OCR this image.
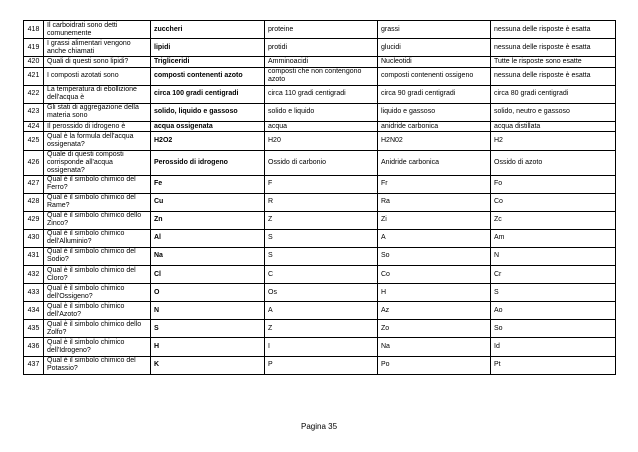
418	Il carboidrati sono detti comunemente	zuccheri	proteine	grassi	nessuna delle risposte è esatta
419	I grassi alimentari vengono anche chiamati	lipidi	protidi	glucidi	nessuna delle risposte è esatta
420	Quali di questi sono lipidi?	Trigliceridi	Amminoacidi	Nucleotidi	Tutte le risposte sono esatte
421	I composti azotati sono	composti contenenti azoto	composti che non contengono azoto	composti contenenti ossigeno	nessuna delle risposte è esatta
422	La temperatura di ebollizione dell'acqua è	circa 100 gradi centigradi	circa 110 gradi centigradi	circa 90 gradi centigradi	circa 80 gradi centigradi
423	Gli stati di aggregazione della materia sono	solido, liquido e gassoso	solido e liquido	liquido e gassoso	solido, neutro e gassoso
424	Il perossido di idrogeno è	acqua ossigenata	acqua	anidride carbonica	acqua distillata
425	Qual è la formula dell'acqua ossigenata?	H2O2	H20	H2N02	H2
426	Quale di questi composti corrisponde all'acqua ossigenata?	Perossido di idrogeno	Ossido di carbonio	Anidride carbonica	Ossido di azoto
427	Qual è il simbolo chimico del Ferro?	Fe	F	Fr	Fo
428	Qual è il simbolo chimico del Rame?	Cu	R	Ra	Co
429	Qual è il simbolo chimico dello Zinco?	Zn	Z	Zi	Zc
430	Qual è il simbolo chimico dell'Alluminio?	Al	S	A	Am
431	Qual è il simbolo chimico del Sodio?	Na	S	So	N
432	Qual è il simbolo chimico del Cloro?	Cl	C	Co	Cr
433	Qual è il simbolo chimico dell'Ossigeno?	O	Os	H	S
434	Qual è il simbolo chimico dell'Azoto?	N	A	Az	Ao
435	Qual è il simbolo chimico dello Zolfo?	S	Z	Zo	So
436	Qual è il simbolo chimico dell'Idrogeno?	H	I	Na	Id
437	Qual è il simbolo chimico del Potassio?	K	P	Po	Pt
Pagina 35
